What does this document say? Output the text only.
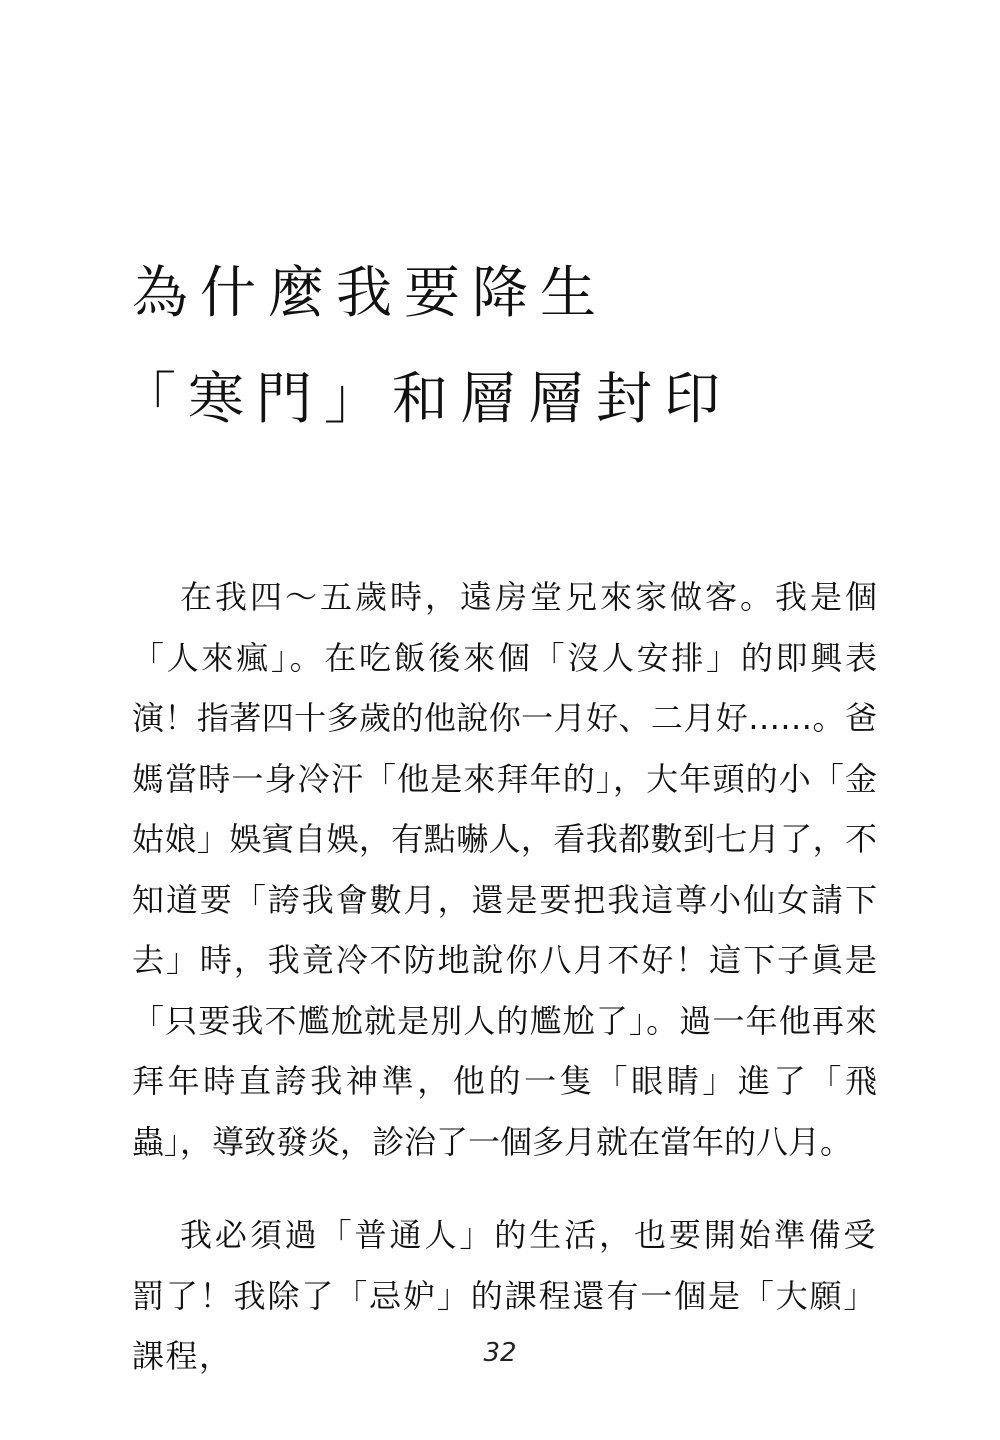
為什麼我要降生
「寒門」和層層封印

在我四～五歲時，遠房堂兄來家做客。我是個「人來瘋」。在吃飯後來個「沒人安排」的即興表演！指著四十多歲的他說你一月好、二月好……。爸媽當時一身冷汗「他是來拜年的」，大年頭的小「金姑娘」娛賓自娛，有點嚇人，看我都數到七月了，不知道要「誇我會數月，還是要把我這尊小仙女請下去」時，我竟冷不防地說你八月不好！這下子眞是「只要我不尷尬就是別人的尷尬了」。過一年他再來拜年時直誇我神準，他的一隻「眼睛」進了「飛蟲」，導致發炎，診治了一個多月就在當年的八月。

我必須過「普通人」的生活，也要開始準備受罰了！我除了「忌妒」的課程還有一個是「大願」課程，	32
